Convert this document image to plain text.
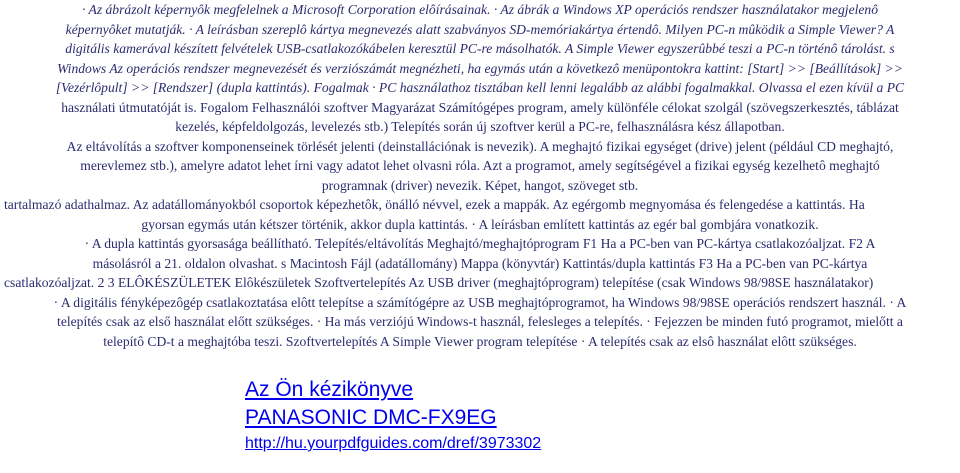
· Az ábrázolt képernyôk megfelelnek a Microsoft Corporation elôírásainak. · Az ábrák a Windows XP operációs rendszer használatakor megjelenô
képernyôket mutatják. · A leírásban szereplô kártya megnevezés alatt szabványos SD-memóriakártya értendô. Milyen PC-n mûködik a Simple Viewer? A
digitális kamerával készített felvételek USB-csatlakozókábelen keresztül PC-re másolhatók. A Simple Viewer egyszerûbbé teszi a PC-n történô tárolást. s
Windows Az operációs rendszer megnevezését és verziószámát megnézheti, ha egymás után a következô menüpontokra kattint: [Start] >> [Beállítások] >>
[Vezérlôpult] >> [Rendszer] (dupla kattintás). Fogalmak · PC használathoz tisztában kell lenni legalább az alábbi fogalmakkal. Olvassa el ezen kívül a PC
használati útmutatóját is. Fogalom Felhasználói szoftver Magyarázat Számítógépes program, amely különféle célokat szolgál (szövegszerkesztés, táblázat
kezelés, képfeldolgozás, levelezés stb.) Telepítés során új szoftver kerül a PC-re, felhasználásra kész állapotban.
Az eltávolítás a szoftver komponenseinek törlését jelenti (deinstallációnak is nevezik). A meghajtó fizikai egységet (drive) jelent (például CD meghajtó,
merevlemez stb.), amelyre adatot lehet írni vagy adatot lehet olvasni róla. Azt a programot, amely segítségével a fizikai egység kezelhetô meghajtó
programnak (driver) nevezik. Képet, hangot, szöveget stb.
tartalmazó adathalmaz. Az adatállományokból csoportok képezhetôk, önálló névvel, ezek a mappák. Az egérgomb megnyomása és felengedése a kattintás. Ha
gyorsan egymás után kétszer történik, akkor dupla kattintás. · A leírásban említett kattintás az egér bal gombjára vonatkozik.
· A dupla kattintás gyorsasága beállítható. Telepítés/eltávolítás Meghajtó/meghajtóprogram F1 Ha a PC-ben van PC-kártya csatlakozóaljzat. F2 A
másolásról a 21. oldalon olvashat. s Macintosh Fájl (adatállomány) Mappa (könyvtár) Kattintás/dupla kattintás F3 Ha a PC-ben van PC-kártya
csatlakozóaljzat. 2 3 ELÔKÉSZÜLETEK Elôkészületek Szoftvertelepítés Az USB driver (meghajtóprogram) telepítése (csak Windows 98/98SE használatakor)
· A digitális fényképezôgép csatlakoztatása elôtt telepítse a számítógépre az USB meghajtóprogramot, ha Windows 98/98SE operációs rendszert használ. · A
telepítés csak az első használat előtt szükséges. · Ha más verziójú Windows-t használ, felesleges a telepítés. · Fejezzen be minden futó programot, mielőtt a
telepítô CD-t a meghajtóba teszi. Szoftvertelepítés A Simple Viewer program telepítése · A telepítés csak az elsô használat elôtt szükséges.
Az Ön kézikönyve
PANASONIC DMC-FX9EG
http://hu.yourpdfguides.com/dref/3973302
